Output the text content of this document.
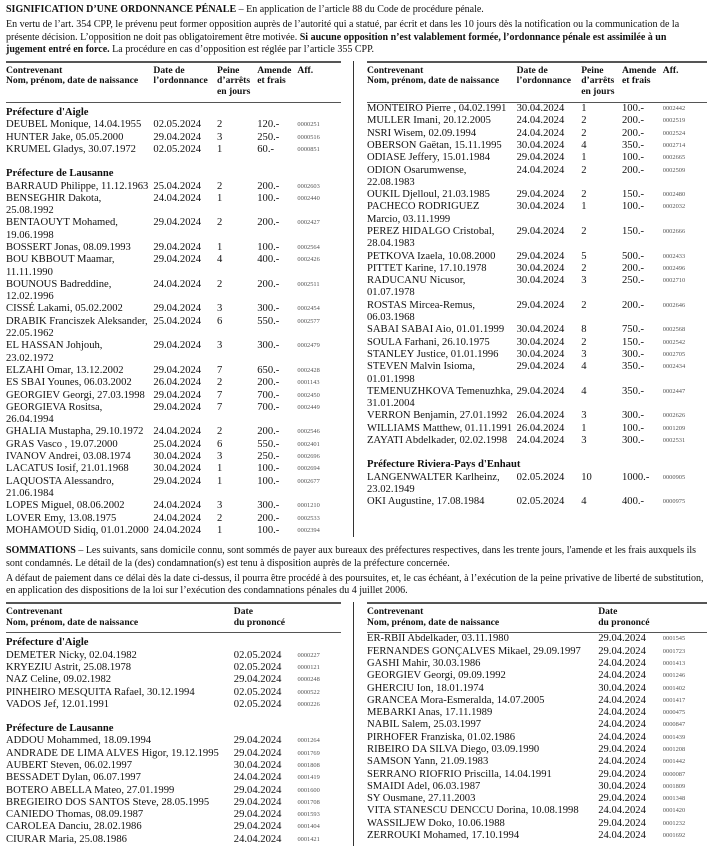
SIGNIFICATION D’UNE ORDONNANCE PÉNALE – En application de l’article 88 du Code de procédure pénale.

En vertu de l’art. 354 CPP, le prévenu peut former opposition auprès de l’autorité qui a statué, par écrit et dans les 10 jours dès la notification ou la communication de la présente décision. L’opposition ne doit pas obligatoirement être motivée. Si aucune opposition n’est valablement formée, l’ordonnance pénale est assimilée à un jugement entré en force. La procédure en cas d’opposition est réglée par l’article 355 CPP.

Contrevenant
Nom, prénom, date de naissance	Date de
l’ordonnance	Peine
d’arrêts
en jours	Amende
et frais	Aff.
Préfecture d'Aigle				
DEUBEL Monique, 14.04.1955	02.05.2024	2	120.-	0000251
HUNTER Jake, 05.05.2000	29.04.2024	3	250.-	0000516
KRUMEL Gladys, 30.07.1972	02.05.2024	1	60.-	0000851

Préfecture de Lausanne				
BARRAUD Philippe, 11.12.1963	25.04.2024	2	200.-	0002603
BENSEGHIR Dakota, 25.08.1992	24.04.2024	1	100.-	0002440
BENTAOUYT Mohamed, 19.06.1998	29.04.2024	2	200.-	0002427
BOSSERT Jonas, 08.09.1993	29.04.2024	1	100.-	0002564
BOU KBBOUT Maamar, 11.11.1990	29.04.2024	4	400.-	0002426
BOUNOUS Badreddine, 12.02.1996	24.04.2024	2	200.-	0002511
CISSÉ Lakami, 05.02.2002	29.04.2024	3	300.-	0002454
DRABIK Franciszek Aleksander, 22.05.1962	25.04.2024	6	550.-	0002577
EL HASSAN Johjouh, 23.02.1972	29.04.2024	3	300.-	0002479
ELZAHI Omar, 13.12.2002	29.04.2024	7	650.-	0002428
ES SBAI Younes, 06.03.2002	26.04.2024	2	200.-	0001143
GEORGIEV Georgi, 27.03.1998	29.04.2024	7	700.-	0002450
GEORGIEVA Rositsa, 26.04.1994	29.04.2024	7	700.-	0002449
GHALIA Mustapha, 29.10.1972	24.04.2024	2	200.-	0002546
GRAS Vasco , 19.07.2000	25.04.2024	6	550.-	0002401
IVANOV Andrei, 03.08.1974	30.04.2024	3	250.-	0002696
LACATUS Iosif, 21.01.1968	30.04.2024	1	100.-	0002694
LAQUOSTA Alessandro, 21.06.1984	29.04.2024	1	100.-	0002677
LOPES Miguel, 08.06.2002	24.04.2024	3	300.-	0001210
LOVER Emy, 13.08.1975	24.04.2024	2	200.-	0002533
MOHAMOUD Sidiq, 01.01.2000	24.04.2024	1	100.-	0002394
Contrevenant
Nom, prénom, date de naissance	Date de
l’ordonnance	Peine
d’arrêts
en jours	Amende
et frais	Aff.
MONTEIRO Pierre , 04.02.1991	30.04.2024	1	100.-	0002442
MULLER Imani, 20.12.2005	24.04.2024	2	200.-	0002519
NSRI Wisem, 02.09.1994	24.04.2024	2	200.-	0002524
OBERSON Gaëtan, 15.11.1995	30.04.2024	4	350.-	0002714
ODIASE Jeffery, 15.01.1984	29.04.2024	1	100.-	0002665
ODION Osarumwense, 22.08.1983	24.04.2024	2	200.-	0002509
OUKIL Djelloul, 21.03.1985	29.04.2024	2	150.-	0002480
PACHECO RODRIGUEZ Marcio, 03.11.1999	30.04.2024	1	100.-	0002032
PEREZ HIDALGO Cristobal, 28.04.1983	29.04.2024	2	150.-	0002666
PETKOVA Izaela, 10.08.2000	29.04.2024	5	500.-	0002433
PITTET Karine, 17.10.1978	30.04.2024	2	200.-	0002496
RADUCANU Nicusor, 01.07.1978	30.04.2024	3	250.-	0002710
ROSTAS Mircea-Remus, 06.03.1968	29.04.2024	2	200.-	0002646
SABAI SABAI Aio, 01.01.1999	30.04.2024	8	750.-	0002568
SOULA Farhani, 26.10.1975	30.04.2024	2	150.-	0002542
STANLEY Justice, 01.01.1996	30.04.2024	3	300.-	0002705
STEVEN Malvin Isioma, 01.01.1998	29.04.2024	4	350.-	0002434
TEMENUZHKOVA Temenuzhka, 31.01.2004	29.04.2024	4	350.-	0002447
VERRON Benjamin, 27.01.1992	26.04.2024	3	300.-	0002626
WILLIAMS Matthew, 01.11.1991	26.04.2024	1	100.-	0001209
ZAYATI Abdelkader, 02.02.1998	24.04.2024	3	300.-	0002531

Préfecture Riviera-Pays d'Enhaut				
LANGENWALTER Karlheinz, 23.02.1949	02.05.2024	10	1000.-	0000905
OKI Augustine, 17.08.1984	02.05.2024	4	400.-	0000975

SOMMATIONS – Les suivants, sans domicile connu, sont sommés de payer aux bureaux des préfectures respectives, dans les trente jours, l'amende et les frais auxquels ils sont condamnés. Le détail de la (des) condamnation(s) est tenu à disposition auprès de la préfecture concernée.

A défaut de paiement dans ce délai dès la date ci-dessus, il pourra être procédé à des poursuites, et, le cas échéant, à l’exécution de la peine privative de liberté de substitution, en application des dispositions de la loi sur l’exécution des condamnations pénales du 4 juillet 2006.

Contrevenant
Nom, prénom, date de naissance	Date
du prononcé	
Préfecture d'Aigle		
DEMETER Nicky, 02.04.1982	02.05.2024	0000227
KRYEZIU Astrit, 25.08.1978	02.05.2024	0000121
NAZ Celine, 09.02.1982	29.04.2024	0000248
PINHEIRO MESQUITA Rafael, 30.12.1994	02.05.2024	0000522
VADOS Jef, 12.01.1991	02.05.2024	0000226

Préfecture de Lausanne		
ADDOU Mohammed, 18.09.1994	29.04.2024	0001264
ANDRADE DE LIMA ALVES Higor, 19.12.1995	29.04.2024	0001769
AUBERT Steven, 06.02.1997	30.04.2024	0001808
BESSADET Dylan, 06.07.1997	24.04.2024	0001419
BOTERO ABELLA Mateo, 27.01.1999	29.04.2024	0001600
BREGIEIRO DOS SANTOS Steve, 28.05.1995	29.04.2024	0001708
CANIEDO Thomas, 08.09.1987	29.04.2024	0001593
CAROLEA Danciu, 28.02.1986	29.04.2024	0001404
CIURAR Maria, 25.08.1986	24.04.2024	0001421
Contrevenant
Nom, prénom, date de naissance	Date
du prononcé	
ER-RBII Abdelkader, 03.11.1980	29.04.2024	0001545
FERNANDES GONÇALVES Mikael, 29.09.1997	29.04.2024	0001723
GASHI Mahir, 30.03.1986	24.04.2024	0001413
GEORGIEV Georgi, 09.09.1992	24.04.2024	0001246
GHERCIU Ion, 18.01.1974	30.04.2024	0001402
GRANCEA Mora-Esmeralda, 14.07.2005	24.04.2024	0001417
MEBARKI Anas, 17.11.1989	24.04.2024	0000475
NABIL Salem, 25.03.1997	24.04.2024	0000847
PIRHOFER Franziska, 01.02.1986	24.04.2024	0001439
RIBEIRO DA SILVA Diego, 03.09.1990	29.04.2024	0001208
SAMSON Yann, 21.09.1983	24.04.2024	0001442
SERRANO RIOFRIO Priscilla, 14.04.1991	29.04.2024	0000087
SMAIDI Adel, 06.03.1987	30.04.2024	0001809
SY Ousmane, 27.11.2003	29.04.2024	0001348
VITA STANESCU DENCCU Dorina, 10.08.1998	24.04.2024	0001420
WASSILJEW Doko, 10.06.1988	29.04.2024	0001232
ZERROUKI Mohamed, 17.10.1994	24.04.2024	0001692
